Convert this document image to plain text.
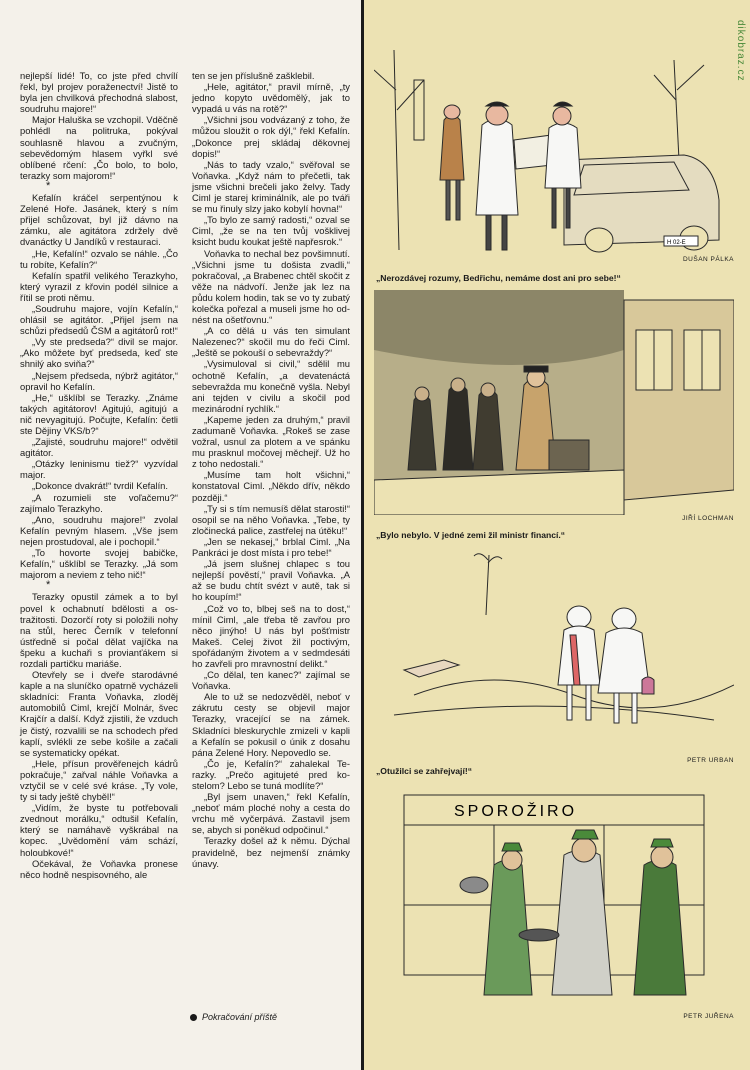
nejlepší lidé! To, co jste před chvílí řekl, byl projev poraženectví! Jistě to byla jen chvilková přechodná slabost, soudruhu majore!“

Major Haluška se vzchopil. Vděčně pohlédl na politruka, pokýval souhlasně hlavou a zvučným, sebevědomým hlasem vyřkl své oblíbené rčení: „Čo bolo, to bolo, terazky som majorom!“

*

Kefalín kráčel serpentýnou k Zelené Hoře. Jasánek, který s ním přijel schůzovat, byl již dávno na zámku, ale agitátora zdržely dvě dvanáctky U Jandíků v restauraci.

„He, Kefalín!“ ozvalo se náhle. „Čo tu robíte, Kefalín?“

Kefalín spatřil velikého Terazkyho, který vyrazil z křovin podél silnice a řítil se proti němu.

„Soudruhu majore, vojín Kefalín,“ ohlásil se agitátor. „Přijel jsem na schůzi předsedů ČSM a agitátorů rot!“

„Vy ste predseda?“ divil se major. „Ako môžete byť predseda, keď ste shnilý ako sviňa?“

„Nejsem předseda, nýbrž agitátor,“ opravil ho Kefalín.

„He,“ ušklíbl se Terazky. „Známe takých agitátorov! Agitujú, agitujú a nič nevyagitujú. Počujte, Kefalín: četli ste Dějiny VKS/b?“

„Zajisté, soudruhu majore!“ odvětil agitátor.

„Otázky leninismu tiež?“ vyzvídal major.

„Dokonce dvakrát!“ tvrdil Kefalín.

„A rozumieli ste voľačemu?“ zajímalo Terazkyho.

„Ano, soudruhu majore!“ zvolal Kefalín pevným hlasem. „Vše jsem nejen prostudoval, ale i pochopil.“

„To hovorte svojej babičke, Kefalín,“ ušklíbl se Terazky. „Já som majorom a neviem z teho nič!“

*

Terazky opustil zámek a to byl povel k ochabnutí bdělosti a ostražitosti. Dozorčí roty si položili nohy na stůl, herec Černík v telefonní ústředně si počal dělat vajíčka na špeku a kuchaři s provianťákem si rozdali partičku mariáše.

Otevřely se i dveře starodávné kaple a na sluníčko opatrně vycházeli skladníci: Franta Voňavka, zloděj automobilů Ciml, krejčí Molnár, švec Krajčír a další. Když zjistili, že vzduch je čistý, rozvalili se na schodech před kaplí, svlékli ze sebe košile a začali se systematicky opékat.

„Hele, přísun prověřenejch kádrů pokračuje,“ zařval náhle Voňavka a vztyčil se v celé své kráse. „Ty vole, ty si tady ještě chyběl!“

„Vidím, že byste tu potřebovali zvednout morálku,“ odtušil Kefalín, který se namáhavě vyškrábal na kopec. „Uvědomění vám schází, holoubkové!“

Očekával, že Voňavka pronese něco hodně nespisovného, ale

ten se jen příslušně zašklebil.

„Hele, agitátor,“ pravil mírně, „ty jedno kopyto uvědomělý, jak to vypadá u vás na rotě?“

„Všichni jsou vodvázaný z toho, že můžou sloužit o rok dýl,“ řekl Kefalín. „Dokonce prej skládaj děkovnej dopis!“

„Nás to tady vzalo,“ svěřoval se Voňavka. „Když nám to přečetli, tak jsme všichni brečeli jako želvy. Tady Ciml je starej kriminálník, ale po tváři se mu řinuly slzy jako kobylí hovna!“

„To bylo ze samý radosti,“ ozval se Ciml, „že se na ten tvůj vošklivej ksicht budu koukat ještě napřesrok.“

Voňavka to nechal bez povšimnutí. „Všichni jsme tu došista zvadli,“ pokračoval, „a Brabenec chtěl skočit z věže na nádvoří. Jenže jak lez na půdu kolem hodin, tak se vo ty zubatý kolečka pořezal a museli jsme ho odnést na ošetřovnu.“

„A co dělá u vás ten simulant Nalezenec?“ skočil mu do řeči Ciml. „Ještě se pokouší o sebevraždy?“

„Vysimuloval si civil,“ sdělil mu ochotně Kefalín, „a devatenáctá sebevražda mu konečně vyšla. Nebyl ani tejden v civilu a skočil pod mezinárodní rychlík.“

„Kapeme jeden za druhým,“ pravil zadumaně Voňavka. „Rokeš se zase vožral, usnul za plotem a ve spánku mu prasknul močovej měchejř. Už ho z toho nedostali.“

„Musíme tam holt všichni,“ konstatoval Ciml. „Někdo dřív, někdo později.“

„Ty si s tím nemusíš dělat starosti!“ osopil se na něho Voňavka. „Tebe, ty zločinecká palice, zastřelej na útěku!“

„Jen se nekasej,“ brblal Ciml. „Na Pankráci je dost místa i pro tebe!“

„Já jsem slušnej chlapec s tou nejlepší pověstí,“ pravil Voňavka. „A až se budu chtít svézt v autě, tak si ho koupím!“

„Což vo to, blbej seš na to dost,“ mínil Ciml, „ale třeba tě zavřou pro něco jinýho! U nás byl pošťmistr Makeš. Celej život žil poctivým, spořádaným životem a v sedmdesáti ho zavřeli pro mravnostní delikt.“

„Co dělal, ten kanec?“ zajímal se Voňavka.

Ale to už se nedozvěděl, neboť v zákrutu cesty se objevil major Terazky, vracející se na zámek. Skladníci bleskurychle zmizeli v kapli a Kefalín se pokusil o únik z dosahu pána Zelené Hory. Nepovedlo se.

„Čo je, Kefalín?“ zahalekal Terazky. „Prečo agitujeté pred kostelom? Lebo se tuná modlíte?“

„Byl jsem unaven,“ řekl Kefalín, „neboť mám ploché nohy a cesta do vrchu mě vyčerpává. Zastavil jsem se, abych si poněkud odpočinul.“

Terazky došel až k němu. Dýchal pravidelně, bez nejmenší známky únavy.

Pokračování příště
dikobraz.cz
H 02-E
„Nerozdávej rozumy, Bedřichu, nemáme dost ani pro sebe!“
DUŠAN PÁLKA
„Bylo nebylo. V jedné zemi žil ministr financí.“
JIŘÍ LOCHMAN
„Otužilci se zahřejvají!“
PETR URBAN
SPOROŽIRO
PETR JUŘENA
